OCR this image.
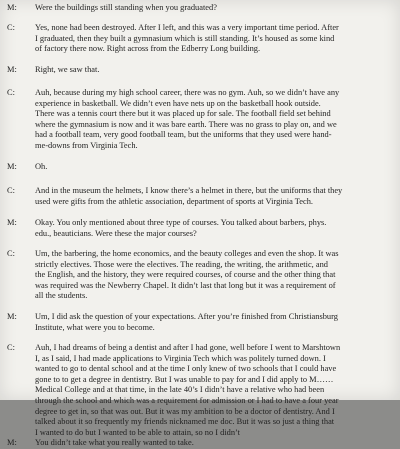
M: Were the buildings still standing when you graduated?
C: Yes, none had been destroyed. After I left, and this was a very important time period. After
I graduated, then they built a gymnasium which is still standing. It’s housed as some kind
of factory there now. Right across from the Edberry Long building.
M: Right, we saw that.
C: Auh, because during my high school career, there was no gym. Auh, so we didn’t have any
experience in basketball. We didn’t even have nets up on the basketball hook outside.
There was a tennis court there but it was placed up for sale. The football field set behind
where the gymnasium is now and it was bare earth. There was no grass to play on, and we
had a football team, very good football team, but the uniforms that they used were hand-
me-downs from Virginia Tech.
M: Oh.
C: And in the museum the helmets, I know there’s a helmet in there, but the uniforms that they
used were gifts from the athletic association, department of sports at Virginia Tech.
M: Okay. You only mentioned about three type of courses. You talked about barbers, phys.
edu., beauticians. Were these the major courses?
C: Um, the barbering, the home economics, and the beauty colleges and even the shop. It was
strictly electives. Those were the electives. The reading, the writing, the arithmetic, and
the English, and the history, they were required courses, of course and the other thing that
was required was the Newberry Chapel. It didn’t last that long but it was a requirement of
all the students.
M: Um, I did ask the question of your expectations. After you’re finished from Christiansburg
Institute, what were you to become.
C: Auh, I had dreams of being a dentist and after I had gone, well before I went to Marshtown
I, as I said, I had made applications to Virginia Tech which was politely turned down. I
wanted to go to dental school and at the time I only knew of two schools that I could have
gone to to get a degree in dentistry. But I was unable to pay for and I did apply to M……
Medical College and at that time, in the late 40’s I didn’t have a relative who had been
through the school and which was a requirement for admission or I had to have a four year
degree to get in, so that was out. But it was my ambition to be a doctor of dentistry. And I
talked about it so frequently my friends nicknamed me doc. But it was so just a thing that
I wanted to do but I wanted to be able to attain, so no I didn’t
M: You didn’t take what you really wanted to take.
